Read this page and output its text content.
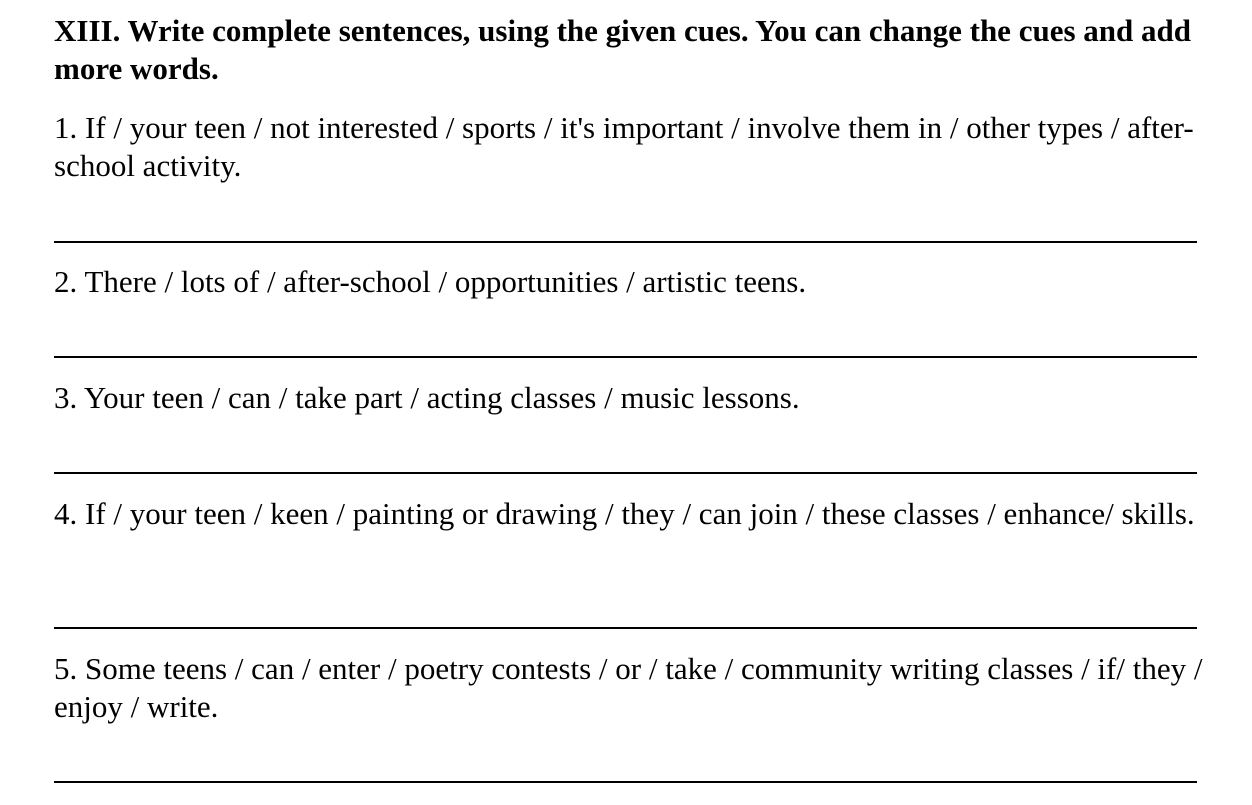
XIII. Write complete sentences, using the given cues. You can change the cues and add more words.

1. If / your teen / not interested / sports / it's important / involve them in / other types / after-school activity.

2. There / lots of / after-school / opportunities / artistic teens.

3. Your teen / can / take part / acting classes / music lessons.

4. If / your teen / keen / painting or drawing / they / can join / these classes / enhance/ skills.

5. Some teens / can / enter / poetry contests / or / take / community writing classes / if/ they / enjoy / write.
